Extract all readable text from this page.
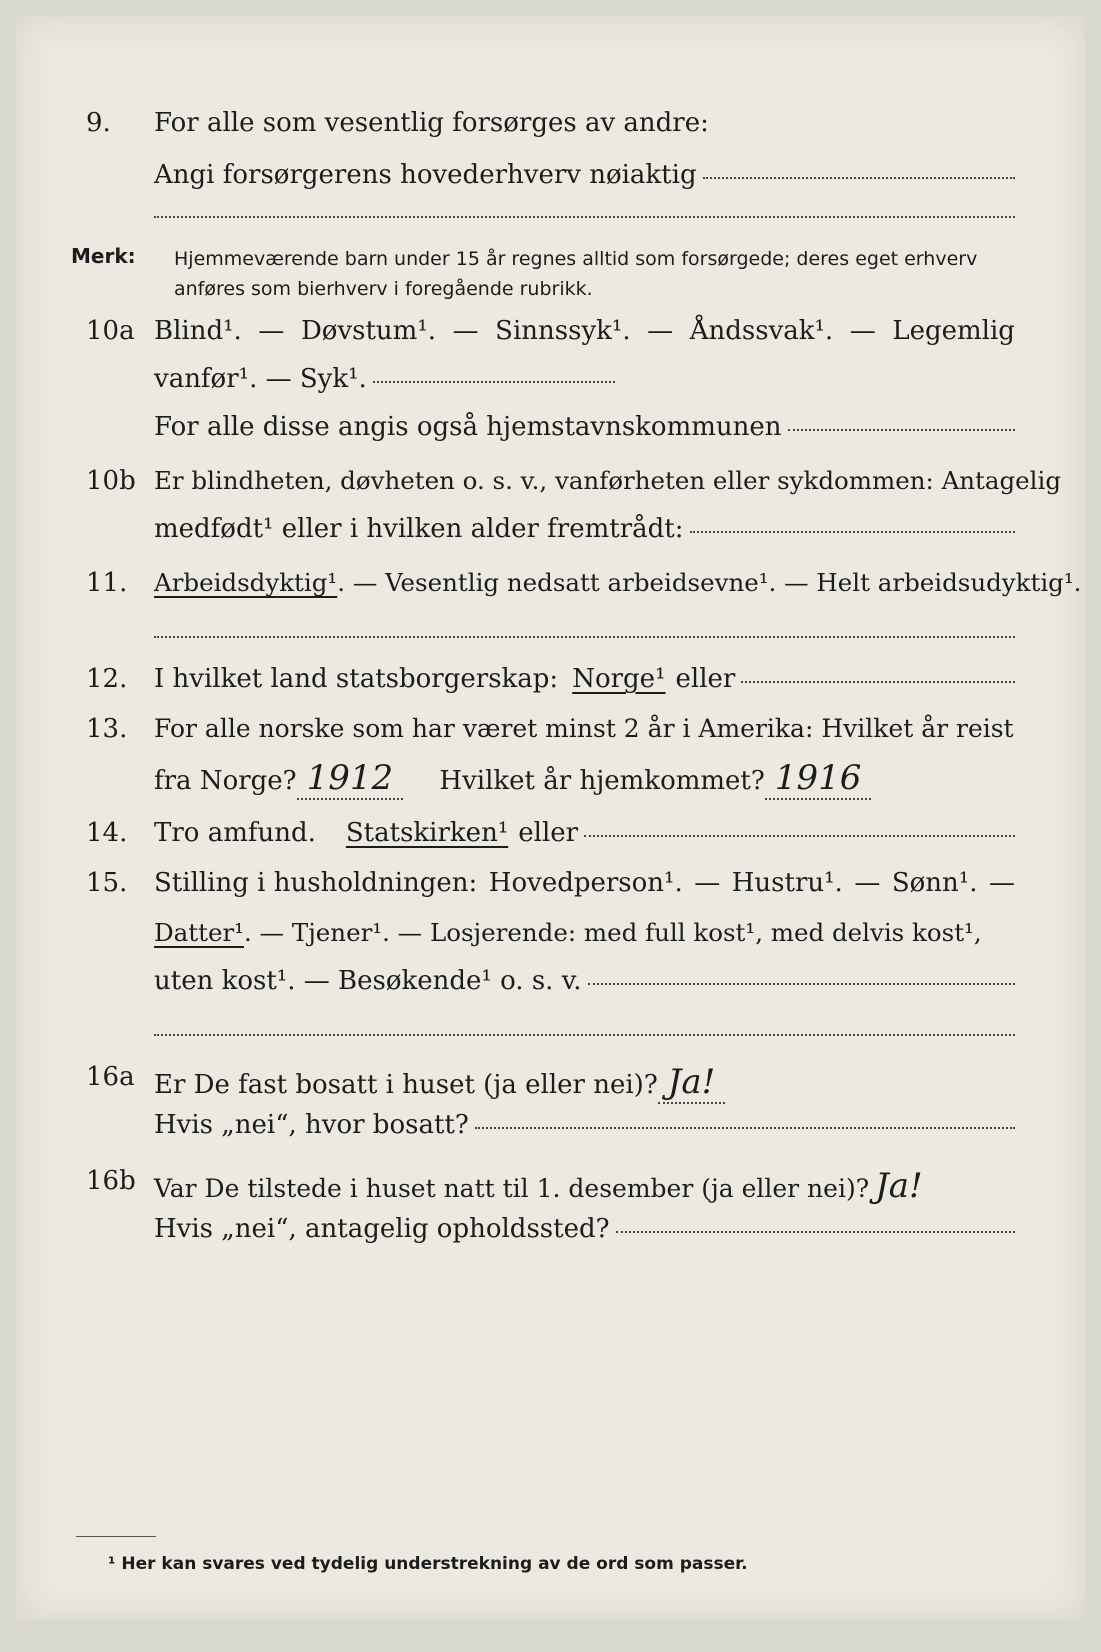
9. For alle som vesentlig forsørges av andre:
Angi forsørgerens hovederhverv nøiaktig
Merk: Hjemmeværende barn under 15 år regnes alltid som forsørgede; deres eget erhverv
anføres som bierhverv i foregående rubrikk.
10a Blind¹. — Døvstum¹. — Sinnssyk¹. — Åndssvak¹. — Legemlig
vanfør¹. — Syk¹.
For alle disse angis også hjemstavnskommunen
10b Er blindheten, døvheten o. s. v., vanførheten eller sykdommen: Antagelig
medfødt¹ eller i hvilken alder fremtrådt:
11. Arbeidsdyktig¹. — Vesentlig nedsatt arbeidsevne¹. — Helt arbeidsudyktig¹.
12. I hvilket land statsborgerskap: Norge¹ eller
13. For alle norske som har været minst 2 år i Amerika: Hvilket år reist
fra Norge? 1912 Hvilket år hjemkommet? 1916
14. Tro amfund. Statskirken¹ eller
15. Stilling i husholdningen: Hovedperson¹. — Hustru¹. — Sønn¹. —
Datter¹. — Tjener¹. — Losjerende: med full kost¹, med delvis kost¹,
uten kost¹. — Besøkende¹ o. s. v.
16a Er De fast bosatt i huset (ja eller nei)? Ja!
Hvis „nei“, hvor bosatt?
16b Var De tilstede i huset natt til 1. desember (ja eller nei)? Ja!
Hvis „nei“, antagelig opholdssted?
¹ Her kan svares ved tydelig understrekning av de ord som passer.
